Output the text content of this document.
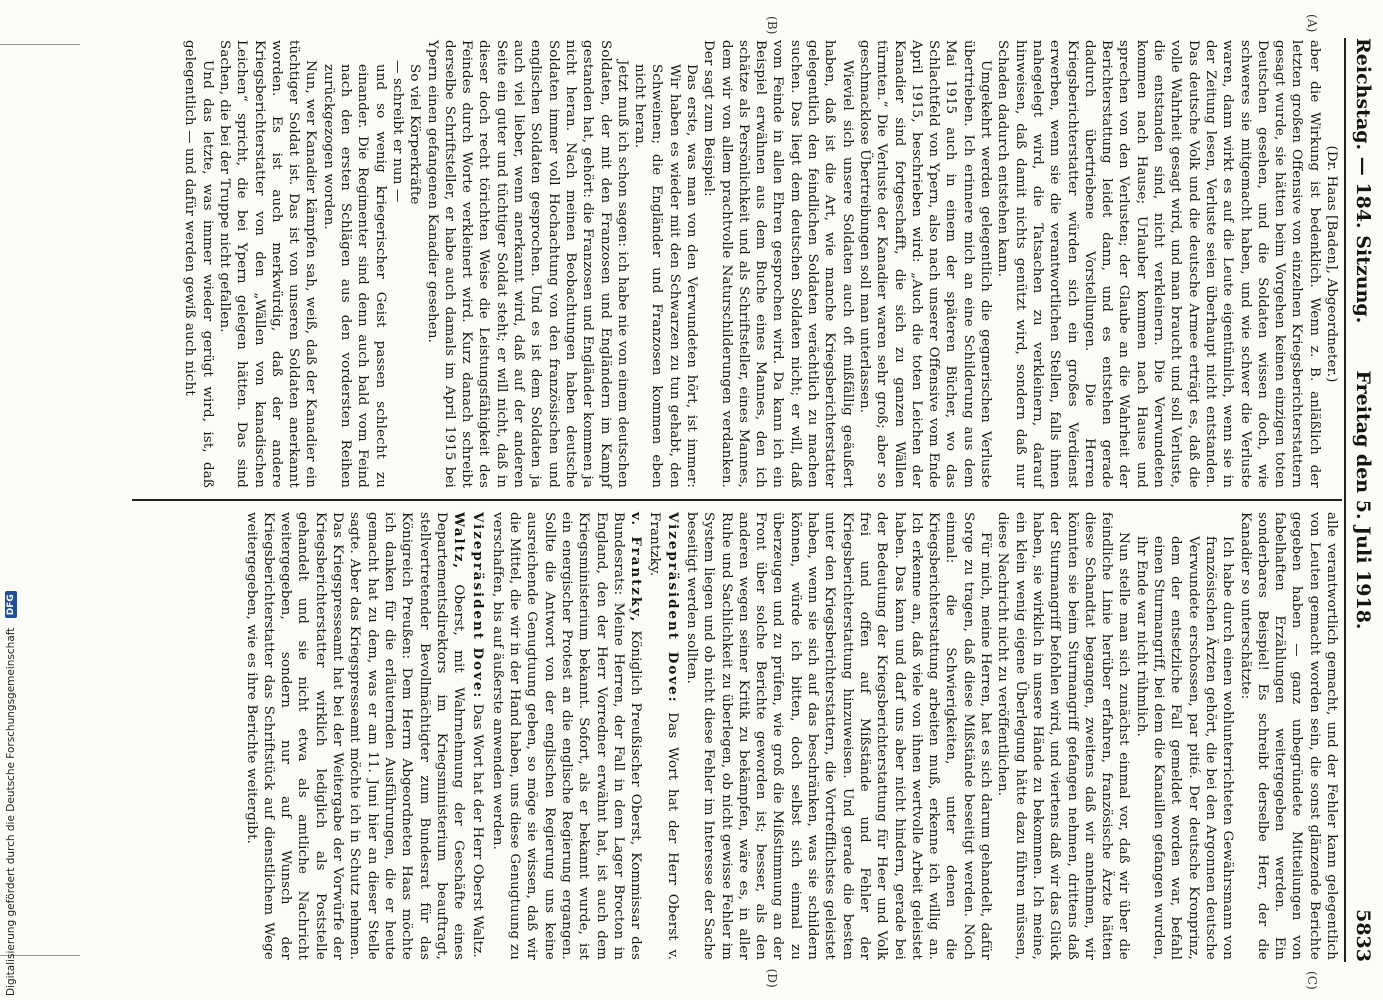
Freitag den 5. Juli 1918.
Reichstag. — 184. Sitzung.
5833
(A)
(B)

(Dr. Haas [Baden], Abgeordneter.)

aber die Wirkung ist bedenklich. Wenn z. B. anläßlich der letzten großen Offensive von einzelnen Kriegsberichterstattern gesagt wurde, sie hätten beim Vorgehen keinen einzigen toten Deutschen gesehen, und die Soldaten wissen doch, wie schweres sie mitgemacht haben, und wie schwer die Verluste waren, dann wirkt es auf die Leute eigentümlich, wenn sie in der Zeitung lesen, Verluste seien überhaupt nicht entstanden. Das deutsche Volk und die deutsche Armee erträgt es, daß die volle Wahrheit gesagt wird, und man braucht und soll Verluste, die entstanden sind, nicht verkleinern. Die Verwundeten kommen nach Hause; Urlauber kommen nach Hause und sprechen von den Verlusten; der Glaube an die Wahrheit der Berichterstattung leidet dann, und es entstehen gerade dadurch übertriebene Vorstellungen. Die Herren Kriegsberichterstatter würden sich ein großes Verdienst erwerben, wenn sie die verantwortlichen Stellen, falls ihnen nahegelegt wird, die Tatsachen zu verkleinern, darauf hinweisen, daß damit nichts genützt wird, sondern daß nur Schaden dadurch entstehen kann.

Umgekehrt werden gelegentlich die gegnerischen Verluste übertrieben. Ich erinnere mich an eine Schilderung aus dem Mai 1915 auch in einem der späteren Bücher, wo das Schlachtfeld von Ypern, also nach unserer Offensive vom Ende April 1915, beschrieben wird: „Auch die toten Leichen der Kanadier sind fortgeschafft, die sich zu ganzen Wällen türmten.“ Die Verluste der Kanadier waren sehr groß; aber so geschmacklose Übertreibungen soll man unterlassen.

Wieviel sich unsere Soldaten auch oft mißfällig geäußert haben, daß ist die Art, wie manche Kriegsberichterstatter gelegentlich den feindlichen Soldaten verächtlich zu machen suchen. Das liegt dem deutschen Soldaten nicht; er will, daß vom Feinde in allen Ehren gesprochen wird. Da kann ich ein Beispiel erwähnen aus dem Buche eines Mannes, den ich schätze als Persönlichkeit und als Schriftsteller, eines Mannes, dem wir von allem prachtvolle Naturschilderungen verdanken. Der sagt zum Beispiel:

Das erste, was man von den Verwundeten hört, ist immer: Wir haben es wieder mit den Schwarzen zu tun gehabt, den Schweinen; die Engländer und Franzosen kommen eben nicht heran.

Jetzt muß ich schon sagen: ich habe nie von einem deutschen Soldaten, der mit den Franzosen und Engländern im Kampf gestanden hat, gehört: die Franzosen und Engländer kommen ja nicht heran. Nach meinen Beobachtungen haben deutsche Soldaten immer voll Hochachtung von den französischen und englischen Soldaten gesprochen. Und es ist dem Soldaten ja auch viel lieber, wenn anerkannt wird, daß auf der anderen Seite ein guter und tüchtiger Soldat steht; er will nicht, daß in dieser doch recht törichten Weise die Leistungsfähigkeit des Feindes durch Worte verkleinert wird. Kurz danach schreibt derselbe Schriftsteller, er habe auch damals im April 1915 bei Ypern einen gefangenen Kanadier gesehen.

So viel Körperkräfte

— schreibt er nun —

und so wenig kriegerischer Geist passen schlecht zu einander. Die Regimenter sind denn auch bald vom Feind nach den ersten Schlägen aus den vordersten Reihen zurückgezogen worden.

Nun, wer Kanadier kämpfen sah, weiß, daß der Kanadier ein tüchtiger Soldat ist. Das ist von unseren Soldaten anerkannt worden. Es ist auch merkwürdig, daß der andere Kriegsberichterstatter von den „Wällen von kanadischen Leichen“ spricht, die bei Ypern gelegen hätten. Das sind Sachen, die bei der Truppe nicht gefallen.

Und das letzte, was immer wieder gerügt wird, ist, daß gelegentlich — und dafür werden gewiß auch nicht

(C)
(D)

alle verantwortlich gemacht, und der Fehler kann gelegentlich von Leuten gemacht worden sein, die sonst glänzende Berichte gegeben haben — ganz unbegründete Mitteilungen von fabelhaften Erzählungen weitergegeben werden. Ein sonderbares Beispiel! Es schreibt derselbe Herr, der die Kanadier so unterschätzte:

Ich habe durch einen wohlunterrichteten Gewährsmann von französischen Ärzten gehört, die bei den Argonnen deutsche Verwundete erschossen, par pitié. Der deutsche Kronprinz, dem der entsetzliche Fall gemeldet worden war, befahl einen Sturmangriff, bei dem die Kanaillen gefangen wurden, ihr Ende war nicht rühmlich.

Nun stelle man sich zunächst einmal vor, daß wir über die feindliche Linie herüber erfahren, französische Ärzte hätten diese Schandtat begangen, zweitens daß wir annehmen, wir könnten sie beim Sturmangriff gefangen nehmen, drittens daß der Sturmangriff befohlen wird, und viertens daß wir das Glück haben, sie wirklich in unsere Hände zu bekommen. Ich meine, ein klein wenig eigene Überlegung hätte dazu führen müssen, diese Nachricht nicht zu veröffentlichen.

Für mich, meine Herren, hat es sich darum gehandelt, dafür Sorge zu tragen, daß diese Mißstände beseitigt werden. Noch einmal: die Schwierigkeiten, unter denen die Kriegsberichterstattung arbeiten muß, erkenne ich willig an. Ich erkenne an, daß viele von ihnen wertvolle Arbeit geleistet haben. Das kann und darf uns aber nicht hindern, gerade bei der Bedeutung der Kriegsberichterstattung für Heer und Volk frei und offen auf Mißstände und Fehler der Kriegsberichterstattung hinzuweisen. Und gerade die besten unter den Kriegsberichterstattern, die Vortrefflichstes geleistet haben, wenn sie sich auf das beschränken, was sie schildern können, würde ich bitten, doch selbst sich einmal zu überzeugen und zu prüfen, wie groß die Mißstimmung an der Front über solche Berichte geworden ist; besser, als den anderen wegen seiner Kritik zu bekämpfen, wäre es, in aller Ruhe und Sachlichkeit zu überlegen, ob nicht gewisse Fehler im System liegen und ob nicht diese Fehler im Interesse der Sache beseitigt werden sollten.

Vizepräsident Dove: Das Wort hat der Herr Oberst v. Frantzky.

v. Frantzky, Königlich Preußischer Oberst, Kommissar des Bundesrats: Meine Herren, der Fall in dem Lager Brocton in England, den der Herr Vorredner erwähnt hat, ist auch dem Kriegsministerium bekannt. Sofort, als er bekannt wurde, ist ein energischer Protest an die englische Regierung ergangen. Sollte die Antwort von der englischen Regierung uns keine ausreichende Genugtuung geben, so möge sie wissen, daß wir die Mittel, die wir in der Hand haben, uns diese Genugtuung zu verschaffen, bis auf äußerste anwenden werden.

Vizepräsident Dove: Das Wort hat der Herr Oberst Waltz.

Waltz, Oberst, mit Wahrnehmung der Geschäfte eines Departementsdirektors im Kriegsministerium beauftragt, stellvertretender Bevollmächtigter zum Bundesrat für das Königreich Preußen: Dem Herrn Abgeordneten Haas möchte ich danken für die erläuternden Ausführungen, die er heute gemacht hat zu dem, was er am 11. Juni hier an dieser Stelle sagte. Aber das Kriegspresseamt möchte ich in Schutz nehmen. Das Kriegspresseamt hat bei der Weitergabe der Vorwürfe der Kriegsberichterstatter wirklich lediglich als Poststelle gehandelt und sie nicht etwa als amtliche Nachricht weitergegeben, sondern nur auf Wunsch der Kriegsberichterstatter das Schriftstück auf dienstlichem Wege weitergegeben, wie es ihre Berichte weitergibt.

Digitalisierung gefördert durch die Deutsche Forschungsgemeinschaft DFG
